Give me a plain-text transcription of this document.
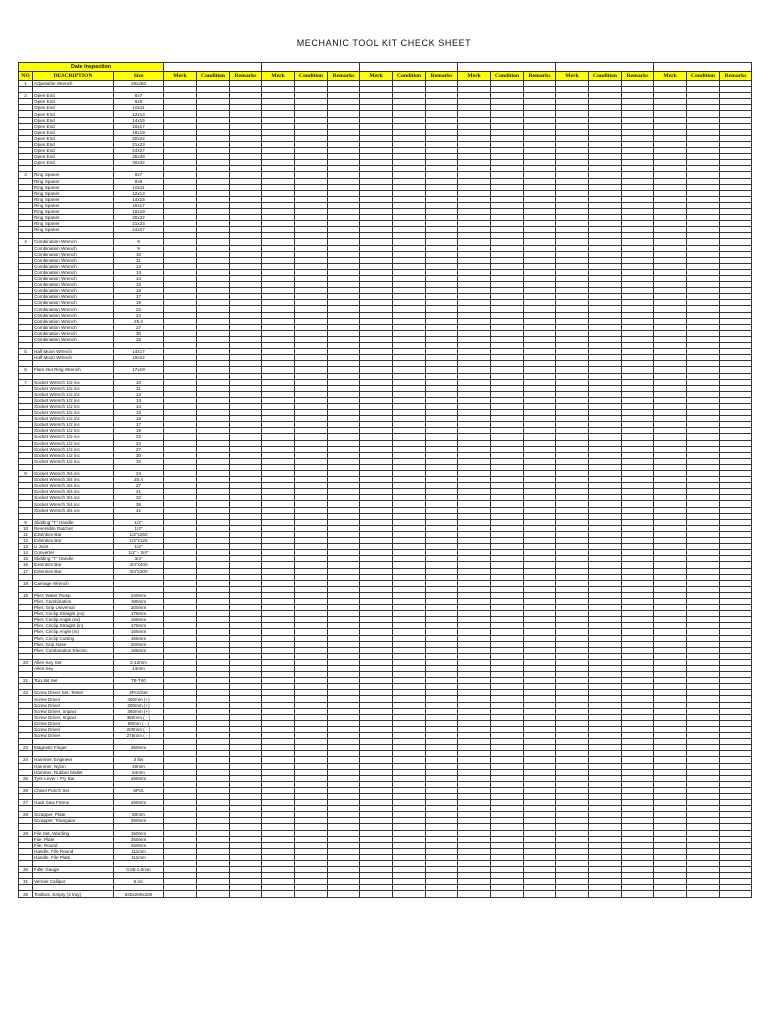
MECHANIC TOOL KIT CHECK SHEET
Date Inspection																				
NO	DESCRIPTION	Size	Merk	Condition	Remarks	Merk	Condition	Remarks	Merk	Condition	Remarks	Merk	Condition	Remarks	Merk	Condition	Remarks	Merk	Condition	Remarks
1	Adjustable Wrench	28x250																		

2	Open End	6x7																		
	Open End	8x9																		
	Open End	10x11																		
	Open End	12x13																		
	Open End	14x15																		
	Open End	16x17																		
	Open End	18x19																		
	Open End	20x22																		
	Open End	21x23																		
	Open End	24x27																		
	Open End	25x28																		
	Open End	30x32																		

3	Ring Spaner	6x7																		
	Ring Spaner	8x9																		
	Ring Spaner	10x11																		
	Ring Spaner	12x13																		
	Ring Spaner	14x15																		
	Ring Spaner	16x17																		
	Ring Spaner	18x19																		
	Ring Spaner	20x22																		
	Ring Spaner	21x23																		
	Ring Spaner	24x27																		

4	Combination Wrench	8																		
	Combination Wrench	9																		
	Combination Wrench	10																		
	Combination Wrench	11																		
	Combination Wrench	12																		
	Combination Wrench	13																		
	Combination Wrench	14																		
	Combination Wrench	15																		
	Combination Wrench	16																		
	Combination Wrench	17																		
	Combination Wrench	19																		
	Combination Wrench	22																		
	Combination Wrench	24																		
	Combination Wrench	25.4																		
	Combination Wrench	27																		
	Combination Wrench	30																		
	Combination Wrench	32																		

5	Half Moon Wrench	14x17																		
	Half Moon Wrench	19x22																		

6	Flare Nut Ring Wrench	17x19																		

7	Socket Wrench 1/2 inc	10																		
	Socket Wrench 1/2 inc	11																		
	Socket Wrench 1/2 inc	12																		
	Socket Wrench 1/2 inc	13																		
	Socket Wrench 1/2 inc	14																		
	Socket Wrench 1/2 inc	15																		
	Socket Wrench 1/2 inc	16																		
	Socket Wrench 1/2 inc	17																		
	Socket Wrench 1/2 inc	19																		
	Socket Wrench 1/2 inc	22																		
	Socket Wrench 1/2 inc	24																		
	Socket Wrench 1/2 inc	27																		
	Socket Wrench 1/2 inc	30																		
	Socket Wrench 1/2 inc	32																		

8	Socket Wrench 3/4 inc	24																		
	Socket Wrench 3/4 inc	25.4																		
	Socket Wrench 3/4 inc	27																		
	Socket Wrench 3/4 inc	41																		
	Socket Wrench 3/4 inc	32																		
	Socket Wrench 3/4 inc	36																		
	Socket Wrench 3/4 inc	41																		

9	Slidding "T" Handle	1/2"																		
10	Reversible Ratchet	1/2"																		
11	Extention Bar	1/2"x250																		
12	Extention Bar	1/2"x125																		
13	U Joint	1/2"																		
14	Converter	1/2" - 3/4"																		
15	Slidding "T" Handle	3/4"																		
16	Extention Bar	3/4"x400																		
17	Extention Bar	3/4"x200																		

18	Carriage Wrench																			

19	Plier, Water Pump	240mm																		
	Plier, Combination	185mm																		
	Plier, Grip Universal	200mm																		
	Plier, Circlip Straight (ex)	175mm																		
	Plier, Circlip Angle (ex)	165mm																		
	Plier, Circlip Straight (in)	175mm																		
	Plier, Circlip Angle (in)	165mm																		
	Plier, Circlip Cutting	165mm																		
	Plier, Grip Nose	200mm																		
	Plier, Combination Electric	185mm																		

20	Allen Key Set	2-12mm																		
	Allen Key	14mm																		

21	Torx Bit Set	T8-T40																		

22	Screw Driver Set, Tester	2Pcs/Set																		
	Screw Driver	300mm (+)																		
	Screw Driver	200mm (+)																		
	Screw Driver, Impact	360mm (+)																		
	Screw Driver, Impact	360mm ( - )																		
	Screw Driver	80mm ( - )																		
	Screw Driver	200mm ( - )																		
	Screw Driver	275mm ( - )																		

23	Magnetic Finger	450mm																		

24	Hammer, Engineer	3 lbs																		
	Hammer, Nylon	40mm																		
	Hammer, Rubber Mallet	54mm																		
25	Tyre Lever / Pry Bar	450mm																		

26	Chisel Punch Set	6Pcs																		

27	Hack Saw Frame	450mm																		

28	Scrapper, Plate	50mm																		
	Scrapper, Triangular	250mm																		

29	File Set, Warding	150mm																		
	File, Plate	250mm																		
	File, Round	250mm																		
	Handle, File Round	111mm																		
	Handle, File Plate	111mm																		

30	Filler Gauge	0.05-1.0mm																		

31	Vernier Calliper	6 inc																		

32	Toolbox, Empty (3 tray)	530x200x200																		
